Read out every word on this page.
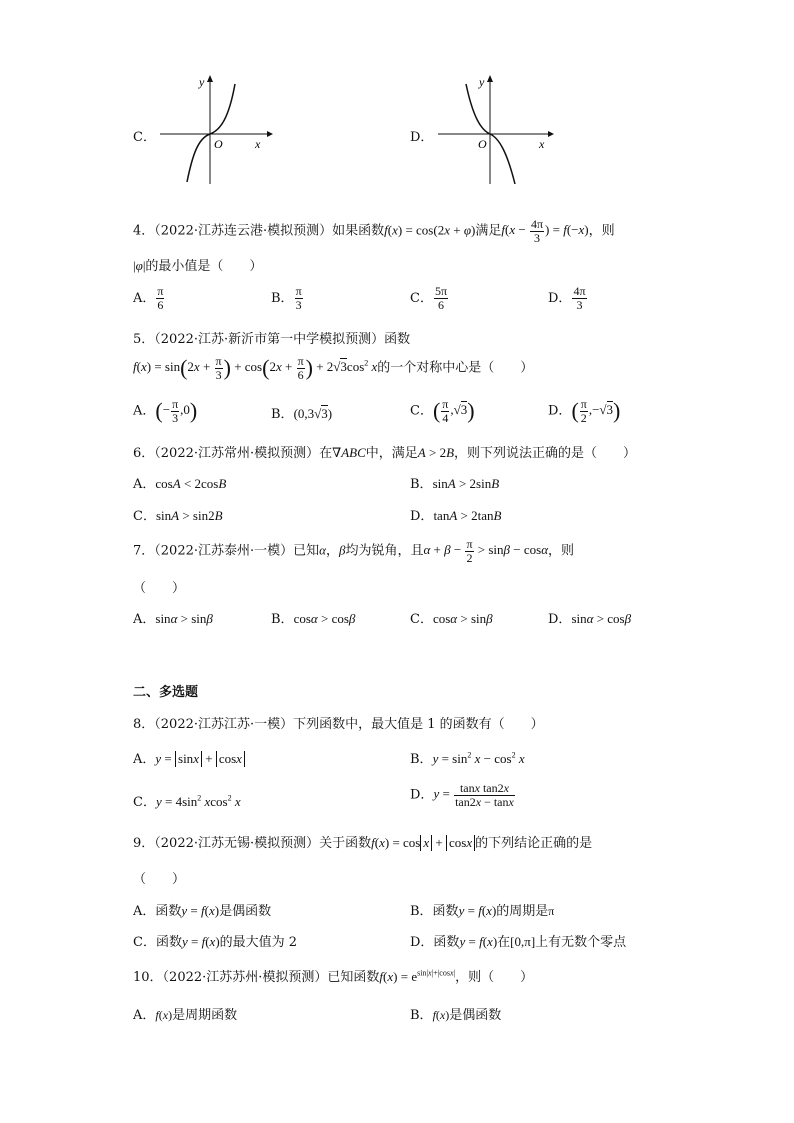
C．
y
x
O	D．
y
x
O
4．（2022·江苏连云港·模拟预测）如果函数f(x) = cos(2x + φ)满足$f(x - \frac{4\pi}{3}$ ) = f(−x)，则
|φ|的最小值是（　　）
A． $\frac{\pi}{6}$	B． $\frac{\pi}{3}$	C． $\frac{5\pi}{6}$	D． $\frac{4\pi}{3}$
5．（2022·江苏·新沂市第一中学模拟预测）函数
$f(x) = \sin(2x + \frac{\pi}{3}$ ) + $\cos(2x + \frac{\pi}{6}$ ) + $2√3\cos^2$ x的一个对称中心是（　　）
A．(− $\frac{\pi}{3} ,0$)	B．(0,3√3)	C．( $\frac{\pi}{4} ,√3$)	D．( $\frac{\pi}{2} ,-√3$)
6．（2022·江苏常州·模拟预测）在∇ABC中，满足A > 2B，则下列说法正确的是（　　）
A．cosA < 2cosB	B．sinA > 2sinB
C．sinA > sin2B	D．tanA > 2tanB
7．（2022·江苏泰州·一模）已知α，β均为锐角，且$\alpha + \beta - \frac{\pi}{2} > \sin\beta - \cos\alpha$，则
（　　）
A．sinα > sinβ	B．cosα > cosβ	C．cosα > sinβ	D．sinα > cosβ
二、多选题
8．（2022·江苏江苏·一模）下列函数中，最大值是 1 的函数有（　　）
A．y = sinx + cosx	B．$y = \sin^2 x - \cos^2 x$
C．$y = 4\sin^2$ xcos$^2$ x	D．$y = \frac{\text{tanx tan2x}}{\tan 2x - \tan x}$
9．（2022·江苏无锡·模拟预测）关于函数f(x) = cos x + cosx 的下列结论正确的是
（　　）
A．函数y = f(x)是偶函数	B．函数y = f(x)的周期是π
C．函数y = f(x)的最大值为 2	D．函数y = f(x)在[0,π]上有无数个零点
10．（2022·江苏苏州·模拟预测）已知函数$f(x) = e^{sin|x|+|cosx|}$，则（　　）
A．f(x)是周期函数	B．f(x)是偶函数
